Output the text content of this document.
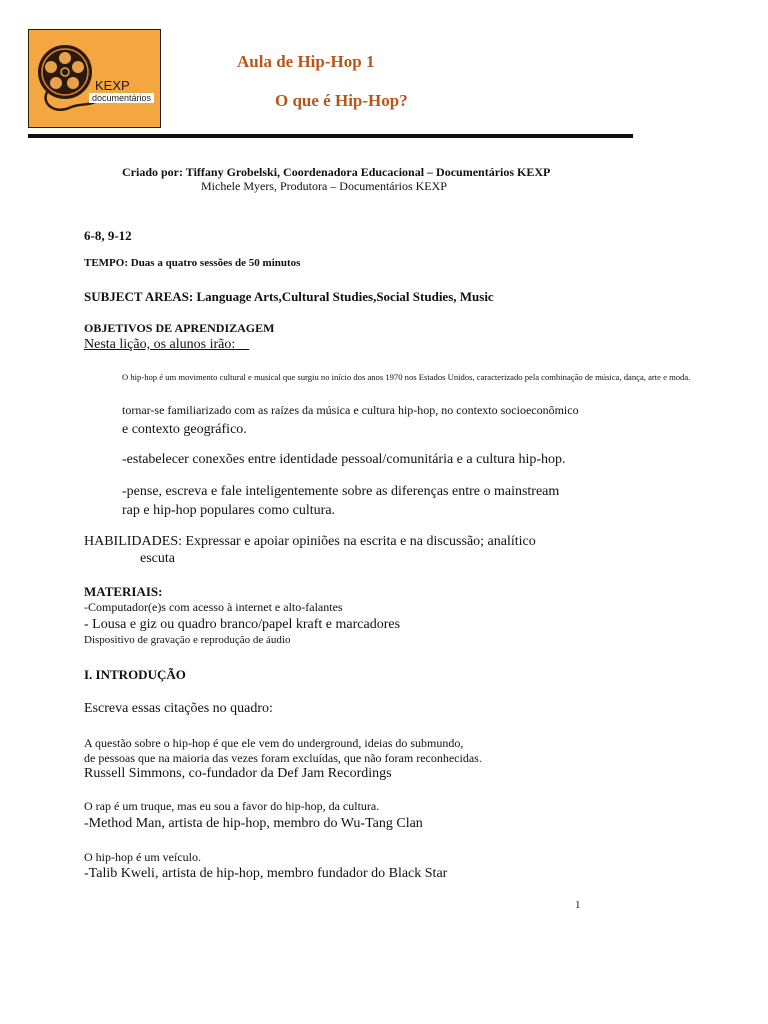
KEXP
documentários
Aula de Hip-Hop 1
O que é Hip-Hop?
Criado por: Tiffany Grobelski, Coordenadora Educacional – Documentários KEXP
Michele Myers, Produtora – Documentários KEXP
6-8, 9-12
TEMPO: Duas a quatro sessões de 50 minutos
SUBJECT AREAS: Language Arts,Cultural Studies,Social Studies, Music
OBJETIVOS DE APRENDIZAGEM
Nesta lição, os alunos irão:
O hip-hop é um movimento cultural e musical que surgiu no início dos anos 1970 nos Estados Unidos, caracterizado pela combinação de música, dança, arte e moda.
tornar-se familiarizado com as raízes da música e cultura hip-hop, no contexto socioeconômico
e contexto geográfico.
-estabelecer conexões entre identidade pessoal/comunitária e a cultura hip-hop.
-pense, escreva e fale inteligentemente sobre as diferenças entre o mainstream
rap e hip-hop populares como cultura.
HABILIDADES: Expressar e apoiar opiniões na escrita e na discussão; analítico
escuta
MATERIAIS:
-Computador(e)s com acesso à internet e alto-falantes
- Lousa e giz ou quadro branco/papel kraft e marcadores
Dispositivo de gravação e reprodução de áudio
I. INTRODUÇÃO
Escreva essas citações no quadro:
A questão sobre o hip-hop é que ele vem do underground, ideias do submundo,
de pessoas que na maioria das vezes foram excluídas, que não foram reconhecidas.
Russell Simmons, co-fundador da Def Jam Recordings
O rap é um truque, mas eu sou a favor do hip-hop, da cultura.
-Method Man, artista de hip-hop, membro do Wu-Tang Clan
O hip-hop é um veículo.
-Talib Kweli, artista de hip-hop, membro fundador do Black Star
1
